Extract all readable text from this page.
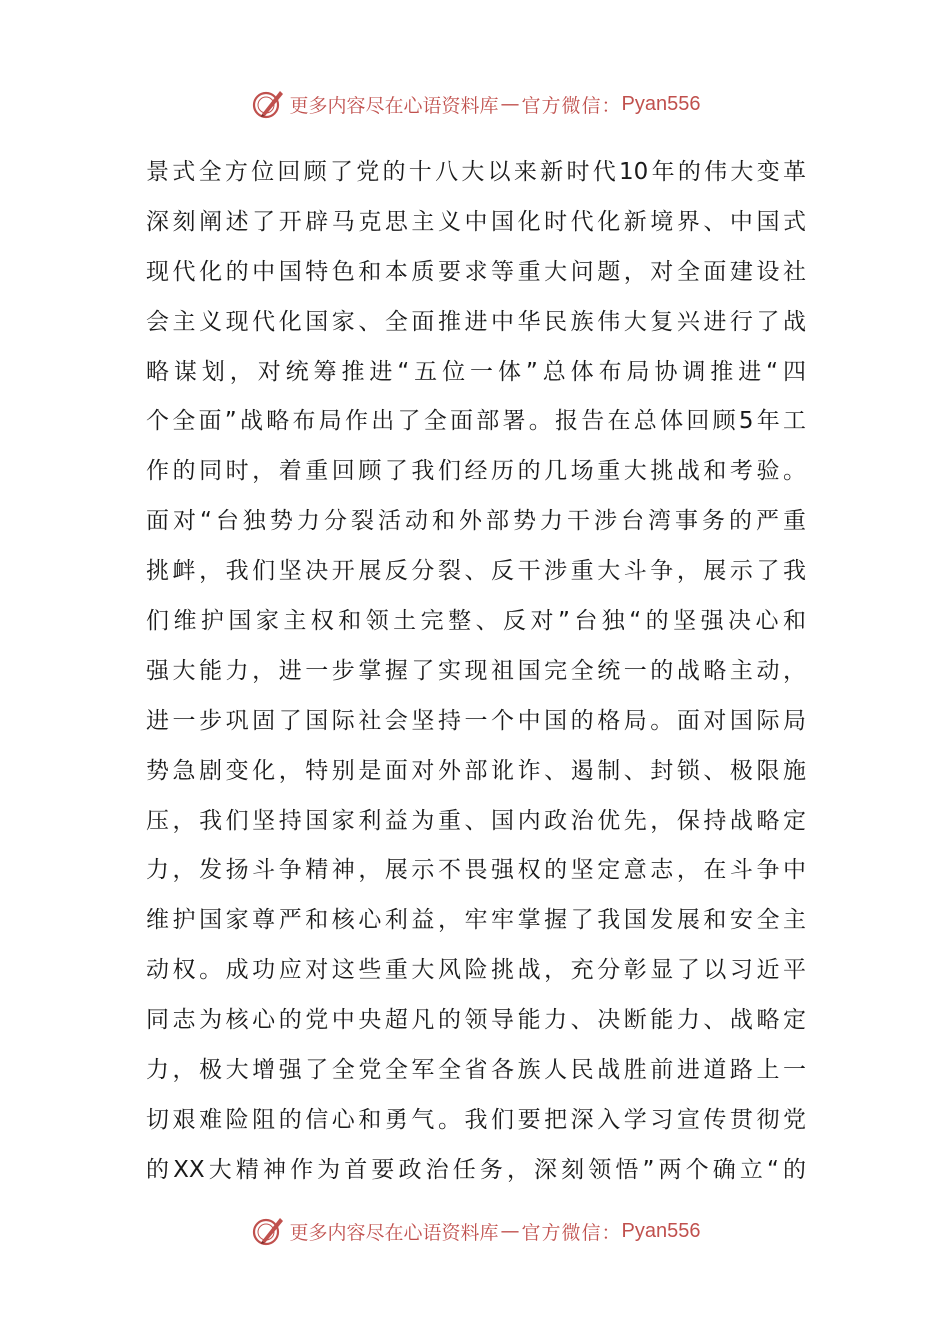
更多内容尽在心语资料库 — 官方微信： Pyan556
景式全方位回顾了党的十八大以来新时代10年的伟大变革
深刻阐述了开辟马克思主义中国化时代化新境界、中国式
现代化的中国特色和本质要求等重大问题，对全面建设社
会主义现代化国家、全面推进中华民族伟大复兴进行了战
略谋划，对统筹推进“五位一体”总体布局协调推进“四
个全面”战略布局作出了全面部署。报告在总体回顾5年工
作的同时，着重回顾了我们经历的几场重大挑战和考验。
面对“台独势力分裂活动和外部势力干涉台湾事务的严重
挑衅，我们坚决开展反分裂、反干涉重大斗争，展示了我
们维护国家主权和领土完整、反对”台独“的坚强决心和
强大能力，进一步掌握了实现祖国完全统一的战略主动，
进一步巩固了国际社会坚持一个中国的格局。面对国际局
势急剧变化，特别是面对外部讹诈、遏制、封锁、极限施
压，我们坚持国家利益为重、国内政治优先，保持战略定
力，发扬斗争精神，展示不畏强权的坚定意志，在斗争中
维护国家尊严和核心利益，牢牢掌握了我国发展和安全主
动权。成功应对这些重大风险挑战，充分彰显了以习近平
同志为核心的党中央超凡的领导能力、决断能力、战略定
力，极大增强了全党全军全省各族人民战胜前进道路上一
切艰难险阻的信心和勇气。我们要把深入学习宣传贯彻党
的XX大精神作为首要政治任务，深刻领悟”两个确立“的
更多内容尽在心语资料库 — 官方微信： Pyan556
